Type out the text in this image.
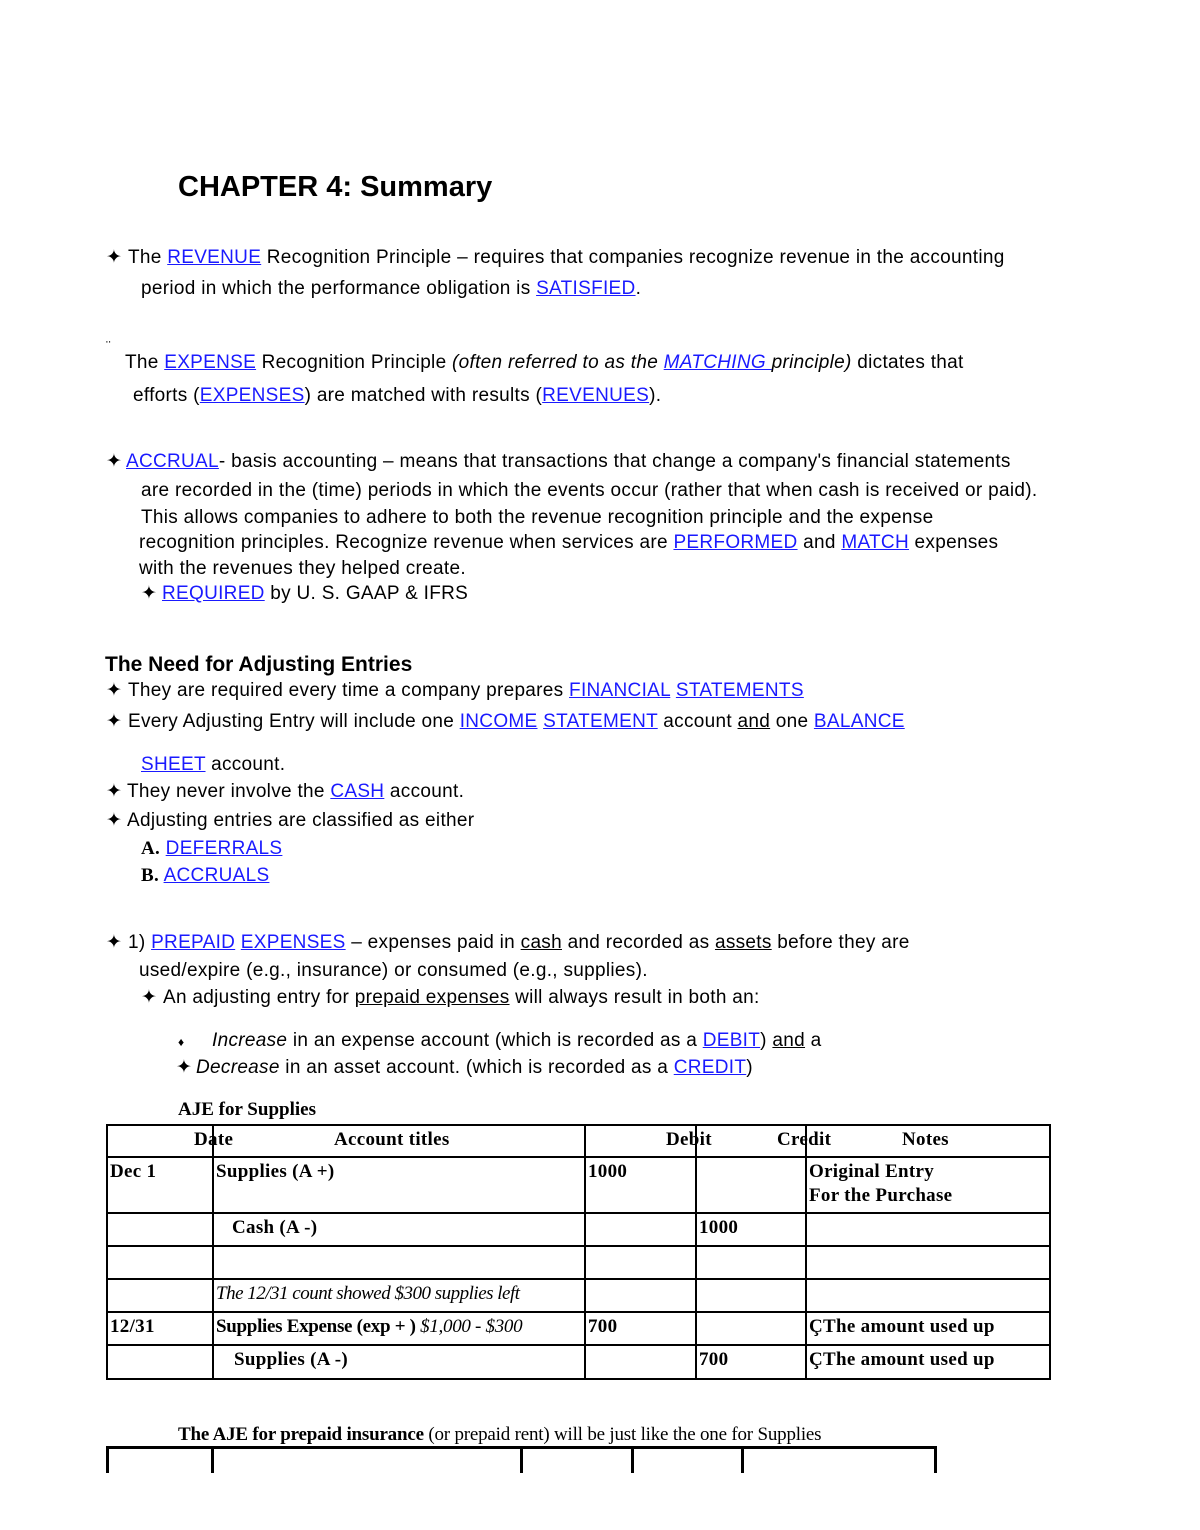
CHAPTER 4: Summary
✦ The REVENUE Recognition Principle – requires that companies recognize revenue in the accounting
period in which the performance obligation is SATISFIED.
¨
The EXPENSE Recognition Principle (often referred to as the MATCHING principle) dictates that
efforts (EXPENSES) are matched with results (REVENUES).
✦ ACCRUAL- basis accounting – means that transactions that change a company's financial statements
are recorded in the (time) periods in which the events occur (rather that when cash is received or paid).
This allows companies to adhere to both the revenue recognition principle and the expense
recognition principles. Recognize revenue when services are PERFORMED and MATCH expenses
with the revenues they helped create.
✦ REQUIRED by U. S. GAAP & IFRS
The Need for Adjusting Entries
✦ They are required every time a company prepares FINANCIAL STATEMENTS
✦ Every Adjusting Entry will include one INCOME STATEMENT account and one BALANCE
SHEET account.
✦ They never involve the CASH account.
✦ Adjusting entries are classified as either
A. DEFERRALS
B. ACCRUALS
✦ 1) PREPAID EXPENSES – expenses paid in cash and recorded as assets before they are
used/expire (e.g., insurance) or consumed (e.g., supplies).
✦ An adjusting entry for prepaid expenses will always result in both an:
♦ Increase in an expense account (which is recorded as a DEBIT) and a
✦ Decrease in an asset account. (which is recorded as a CREDIT)
AJE for Supplies
Date	Account titles	Debit	Credit	Notes
Dec 1	Supplies (A +)	1000		Original Entry
For the Purchase

	Cash (A -)		1000	

	The 12/31 count showed $300 supplies left			
12/31	Supplies Expense (exp + ) $1,000 - $300	700		ÇThe amount used up
	Supplies (A -)		700	ÇThe amount used up
The AJE for prepaid insurance (or prepaid rent) will be just like the one for Supplies
